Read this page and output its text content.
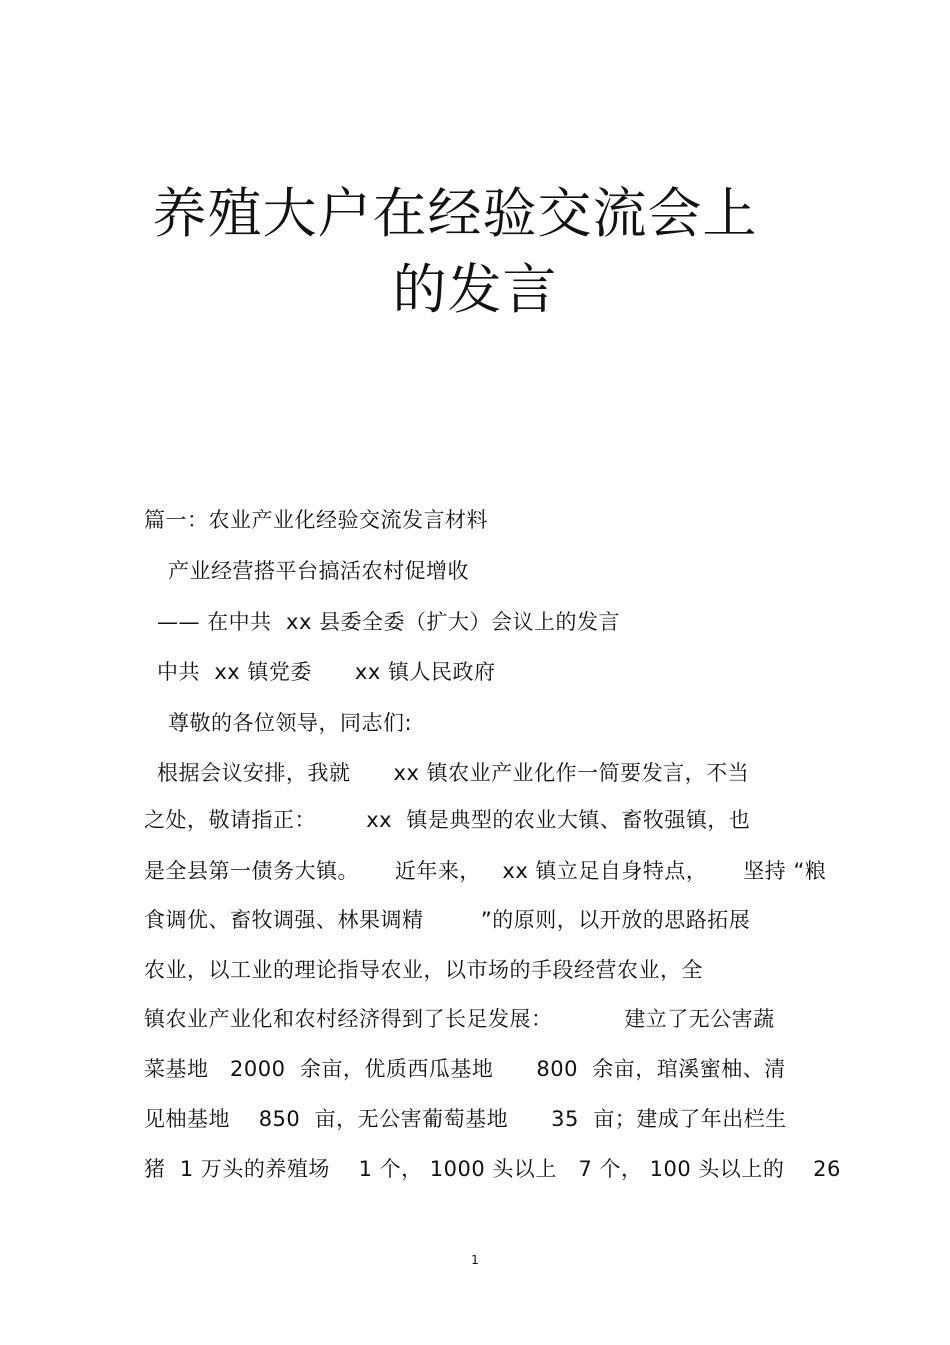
养殖大户在经验交流会上
的发言
篇一：农业产业化经验交流发言材料
产业经营搭平台搞活农村促增收
—— 在中共  xx 县委全委（扩大）会议上的发言
中共  xx 镇党委      xx 镇人民政府
尊敬的各位领导，同志们:
根据会议安排，我就      xx 镇农业产业化作一简要发言，不当
之处，敬请指正：       xx  镇是典型的农业大镇、畜牧强镇，也
是全县第一债务大镇。     近年来，   xx 镇立足自身特点，     坚持 “粮
食调优、畜牧调强、林果调精        ”的原则，以开放的思路拓展
农业，以工业的理论指导农业，以市场的手段经营农业，全
镇农业产业化和农村经济得到了长足发展：          建立了无公害蔬
菜基地   2000  余亩，优质西瓜基地      800  余亩，琯溪蜜柚、清
见柚基地    850  亩，无公害葡萄基地      35  亩；建成了年出栏生
猪  1 万头的养殖场    1 个， 1000 头以上   7 个， 100 头以上的    26
1
